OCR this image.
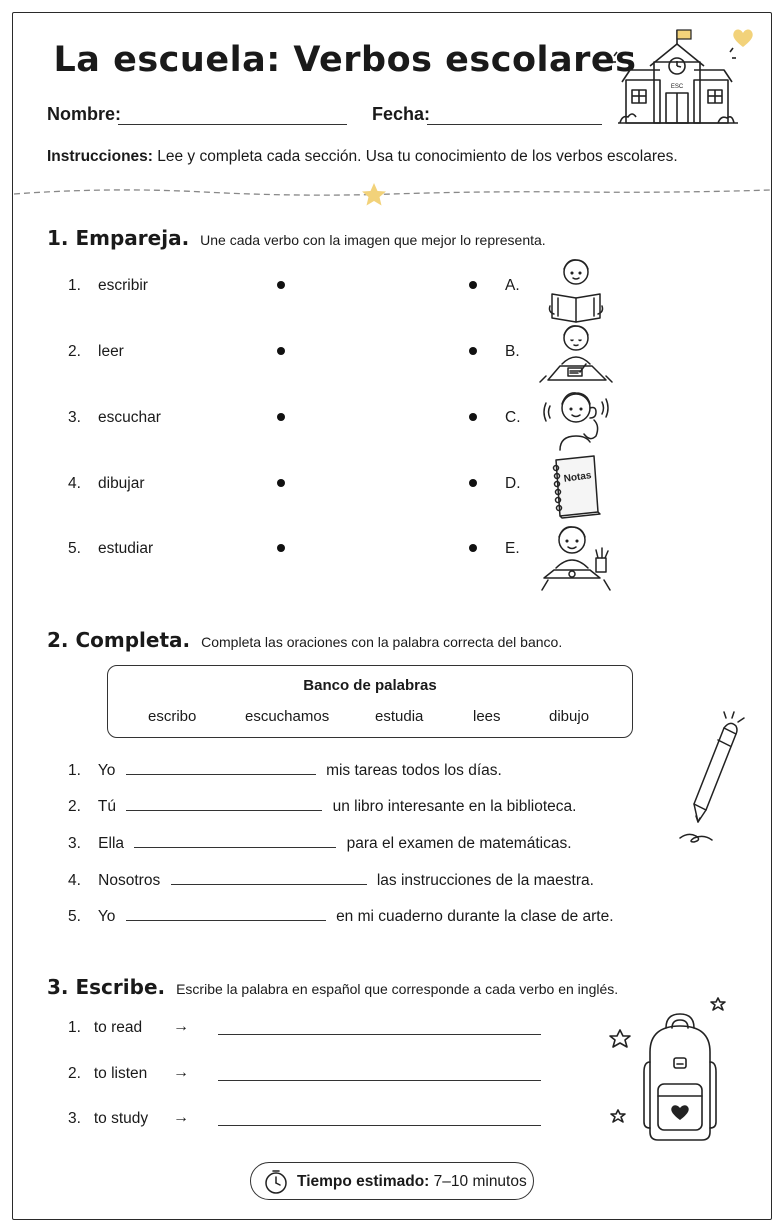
La escuela: Verbos escolares
ESC
Nombre:	Fecha:
Instrucciones: Lee y completa cada sección. Usa tu conocimiento de los verbos escolares.
1. Empareja. Une cada verbo con la imagen que mejor lo representa.
1. escribir	A.
2. leer	B.
3. escuchar	C.
4. dibujar	D.
5. estudiar	E.
Notas
2. Completa. Completa las oraciones con la palabra correcta del banco.
Banco de palabras
escribo	escuchamos	estudia	lees	dibujo
1. Yo	mis tareas todos los días.
2. Tú	un libro interesante en la biblioteca.
3. Ella	para el examen de matemáticas.
4. Nosotros	las instrucciones de la maestra.
5. Yo	en mi cuaderno durante la clase de arte.
3. Escribe. Escribe la palabra en español que corresponde a cada verbo en inglés.
1. to read →
2. to listen →
3. to study →
Tiempo estimado: 7–10 minutos
